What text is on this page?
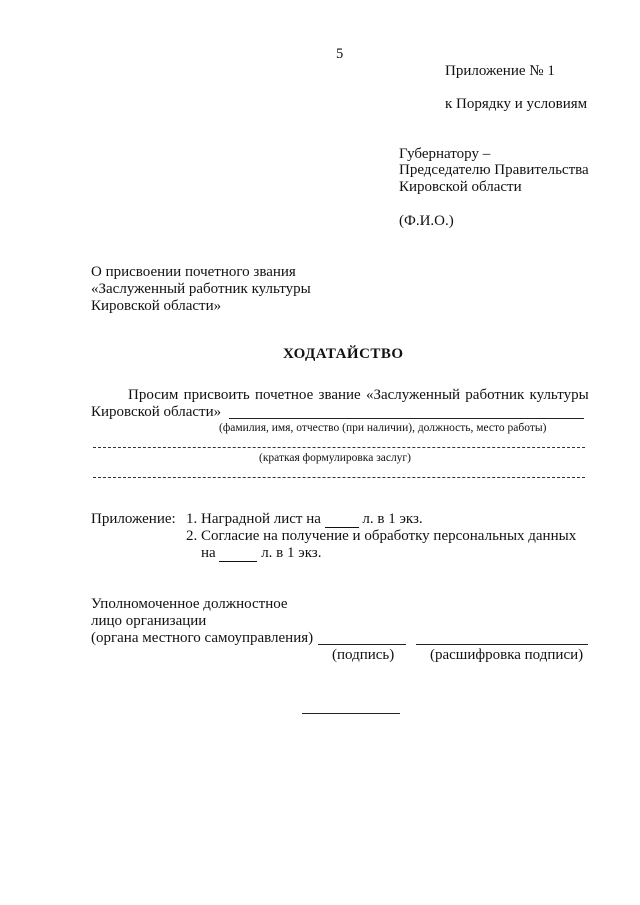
5
Приложение № 1
к Порядку и условиям
Губернатору –
Председателю Правительства
Кировской области
(Ф.И.О.)
О присвоении почетного звания
«Заслуженный работник культуры
Кировской области»
ХОДАТАЙСТВО
Просим присвоить почетное звание «Заслуженный работник культуры
Кировской области»
(фамилия, имя, отчество (при наличии), должность, место работы)
(краткая формулировка заслуг)
Приложение: 1. Наградной лист на	л. в 1 экз.
2. Согласие на получение и обработку персональных данных
на	л. в 1 экз.
Уполномоченное должностное
лицо организации
(органа местного самоуправления)
(подпись) (расшифровка подписи)
